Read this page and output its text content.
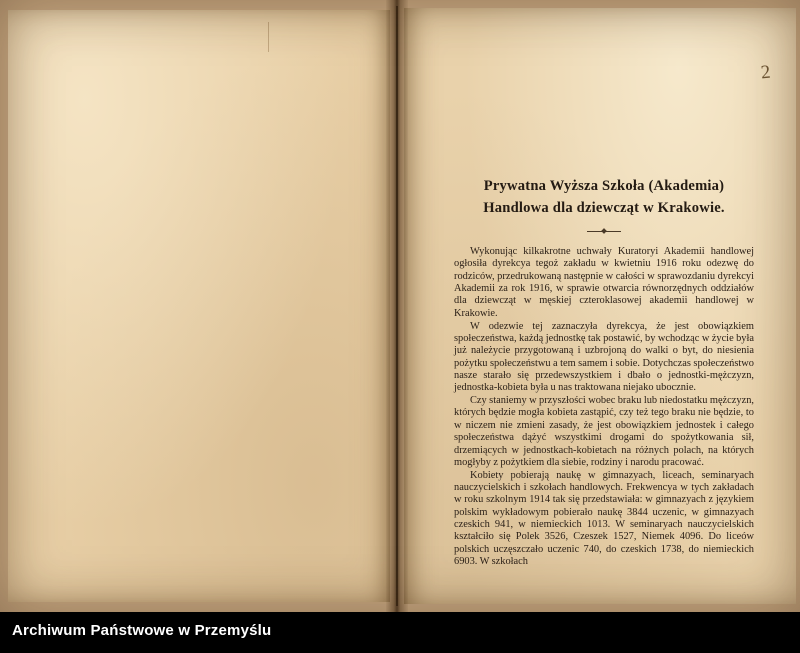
2
Prywatna Wyższa Szkoła (Akademia)
Handlowa dla dziewcząt w Krakowie.

Wykonując kilkakrotne uchwały Kuratoryi Akademii handlowej ogłosiła dyrekcya tegoż zakładu w kwietniu 1916 roku odezwę do rodziców, przedrukowaną następnie w całości w sprawozdaniu dyrekcyi Akademii za rok 1916, w sprawie otwarcia równorzędnych oddziałów dla dziewcząt w męskiej czteroklasowej akademii handlowej w Krakowie.

W odezwie tej zaznaczyła dyrekcya, że jest obowiązkiem społeczeństwa, każdą jednostkę tak postawić, by wchodząc w życie była już należycie przygotowaną i uzbrojoną do walki o byt, do niesienia pożytku społeczeństwu a tem samem i sobie. Dotychczas społeczeństwo nasze starało się przedewszystkiem i dbało o jednostki-mężczyzn, jednostka-kobieta była u nas traktowana niejako ubocznie.

Czy staniemy w przyszłości wobec braku lub niedostatku mężczyzn, których będzie mogła kobieta zastąpić, czy też tego braku nie będzie, to w niczem nie zmieni zasady, że jest obowiązkiem jednostek i całego społeczeństwa dążyć wszystkimi drogami do spożytkowania sił, drzemiących w jednostkach-kobietach na różnych polach, na których mogłyby z pożytkiem dla siebie, rodziny i narodu pracować.

Kobiety pobierają naukę w gimnazyach, liceach, seminaryach nauczycielskich i szkołach handlowych. Frekwencya w tych zakładach w roku szkolnym 1914 tak się przedstawiała: w gimnazyach z językiem polskim wykładowym pobierało naukę 3844 uczenic, w gimnazyach czeskich 941, w niemieckich 1013. W seminaryach nauczycielskich kształciło się Polek 3526, Czeszek 1527, Niemek 4096. Do liceów polskich uczęszczało uczenic 740, do czeskich 1738, do niemieckich 6903. W szkołach

Archiwum Państwowe w Przemyślu
